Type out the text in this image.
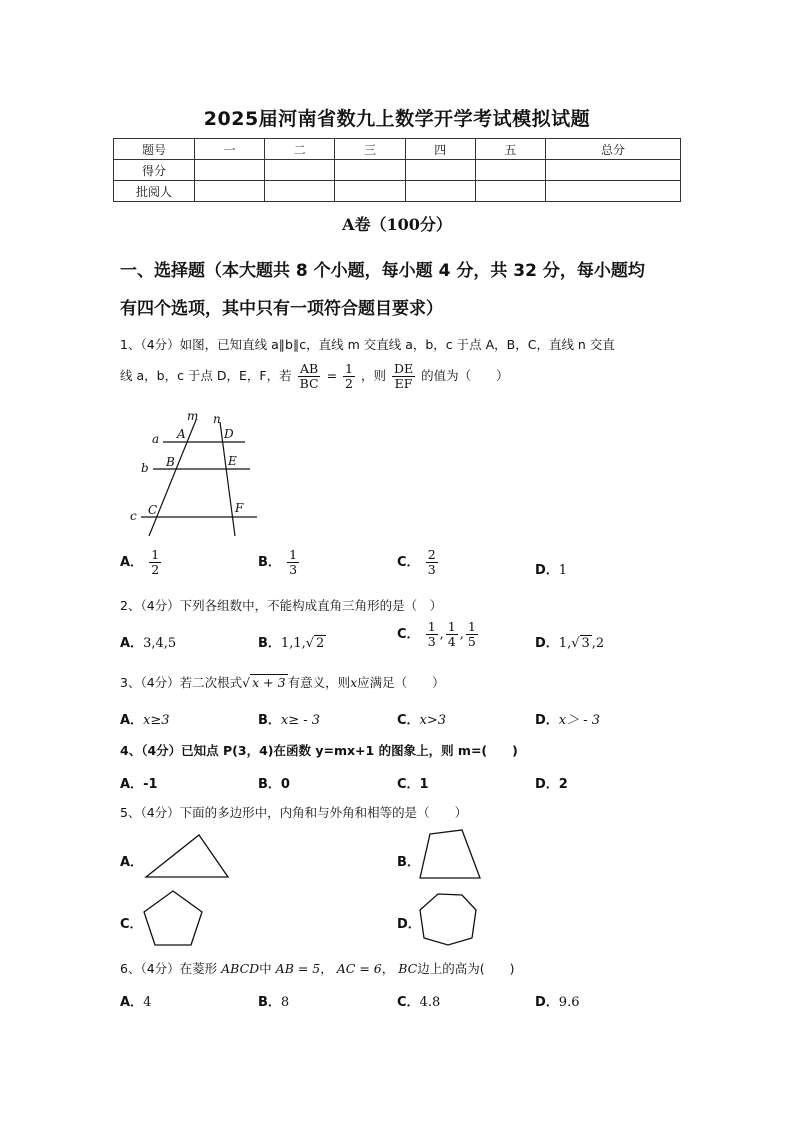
2025届河南省数九上数学开学考试模拟试题
题号	一	二	三	四	五	总分
得分						
批阅人						
A卷（100分）
一、选择题（本大题共 8 个小题，每小题 4 分，共 32 分，每小题均
有四个选项，其中只有一项符合题目要求）
1、（4分）如图，已知直线 a∥b∥c，直线 m 交直线 a，b，c 于点 A，B，C，直线 n 交直
线 a，b，c 于点 D，E，F，若 $\frac{AB}{BC} = \frac{1}{2}$ ，则 $\frac{DE}{EF}$ 的值为（　　）
m n
a
b
c
A
B
C
D
E
F
A． $\frac{1}{2}$	B． $\frac{1}{3}$	C． $\frac{2}{3}$	D．1
2、（4分）下列各组数中，不能构成直角三角形的是（　）
A．3,4,5	B．1,1,√ 2
C． $\frac{1}{3}$ , $\frac{1}{4}$ , $\frac{1}{5}$	D．1,√ 3 ,2
3、（4分）若二次根式√ x + 3 有意义，则x应满足（　　）
A．x≥3	B．x≥ - 3	C．x>3	D．x＞ - 3
4、（4分）已知点 P(3，4)在函数 y=mx+1 的图象上，则 m=(　　)
A．-1	B．0	C．1	D．2
5、（4分）下面的多边形中，内角和与外角和相等的是（　　）
A．	B．
C．	D．
6、（4分）在菱形 ABCD中 AB = 5， AC = 6， BC边上的高为(　　)
A．4	B．8	C．4.8	D．9.6
